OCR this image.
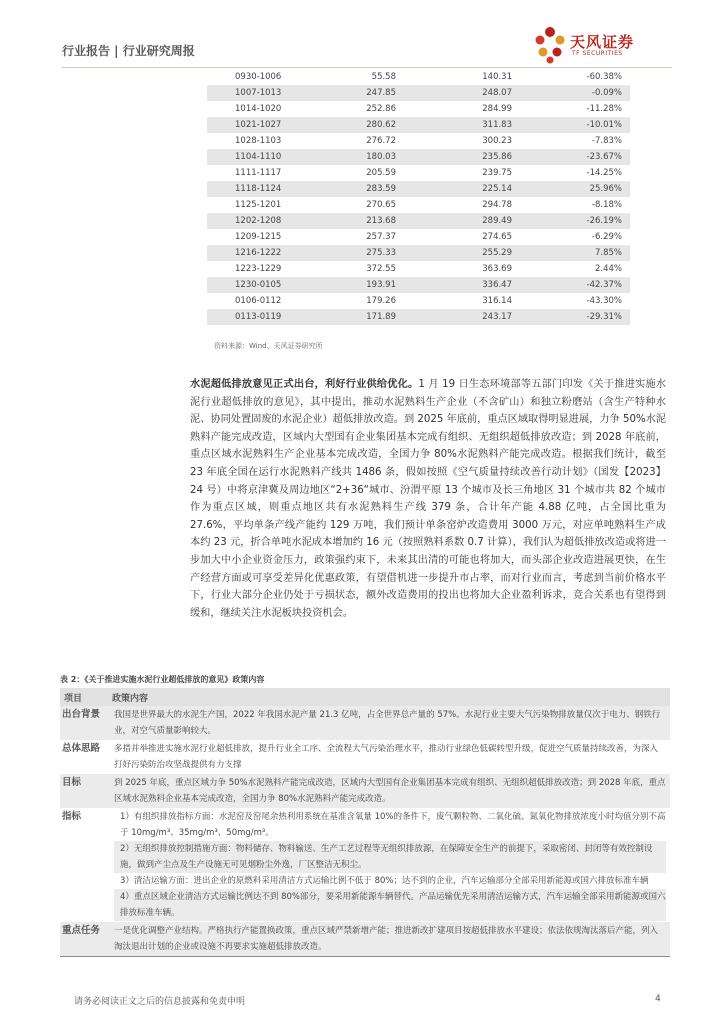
行业报告 | 行业研究周报	天风证券
TF SECURITIES
0930-1006	55.58	140.31	-60.38%
1007-1013	247.85	248.07	-0.09%
1014-1020	252.86	284.99	-11.28%
1021-1027	280.62	311.83	-10.01%
1028-1103	276.72	300.23	-7.83%
1104-1110	180.03	235.86	-23.67%
1111-1117	205.59	239.75	-14.25%
1118-1124	283.59	225.14	25.96%
1125-1201	270.65	294.78	-8.18%
1202-1208	213.68	289.49	-26.19%
1209-1215	257.37	274.65	-6.29%
1216-1222	275.33	255.29	7.85%
1223-1229	372.55	363.69	2.44%
1230-0105	193.91	336.47	-42.37%
0106-0112	179.26	316.14	-43.30%
0113-0119	171.89	243.17	-29.31%
资料来源：Wind、天风证券研究所
水泥超低排放意见正式出台，利好行业供给优化。1 月 19 日生态环境部等五部门印发《关于推进实施水泥行业超低排放的意见》，其中提出，推动水泥熟料生产企业（不含矿山）和独立粉磨站（含生产特种水泥、协同处置固废的水泥企业）超低排放改造。到 2025 年底前，重点区域取得明显进展，力争 50%水泥熟料产能完成改造，区域内大型国有企业集团基本完成有组织、无组织超低排放改造；到 2028 年底前，重点区域水泥熟料生产企业基本完成改造，全国力争 80%水泥熟料产能完成改造。根据我们统计，截至 23 年底全国在运行水泥熟料产线共 1486 条，假如按照《空气质量持续改善行动计划》（国发【2023】24 号）中将京津冀及周边地区“2+36“城市、汾渭平原 13 个城市及长三角地区 31 个城市共 82 个城市作为重点区域，则重点地区共有水泥熟料生产线 379 条，合计年产能 4.88 亿吨，占全国比重为 27.6%，平均单条产线产能约 129 万吨，我们预计单条窑炉改造费用 3000 万元，对应单吨熟料生产成本约 23 元，折合单吨水泥成本增加约 16 元（按照熟料系数 0.7 计算），我们认为超低排放改造或将进一步加大中小企业资金压力，政策强约束下，未来其出清的可能也将加大，而头部企业改造进展更快，在生产经营方面或可享受差异化优惠政策，有望借机进一步提升市占率，而对行业而言，考虑到当前价格水平下，行业大部分企业仍处于亏损状态，额外改造费用的投出也将加大企业盈利诉求，竞合关系也有望得到缓和，继续关注水泥板块投资机会。
表 2：《关于推进实施水泥行业超低排放的意见》政策内容
项目	政策内容
出台背景	我国是世界最大的水泥生产国，2022 年我国水泥产量 21.3 亿吨，占全世界总产量的 57%。水泥行业主要大气污染物排放量仅次于电力、钢铁行业，对空气质量影响较大。

总体思路	多措并举推进实施水泥行业超低排放，提升行业全工序、全流程大气污染治理水平，推动行业绿色低碳转型升级，促进空气质量持续改善，为深入打好污染防治攻坚战提供有力支撑

目标	到 2025 年底，重点区域力争 50%水泥熟料产能完成改造，区域内大型国有企业集团基本完成有组织、无组织超低排放改造；到 2028 年底，重点区域水泥熟料企业基本完成改造，全国力争 80%水泥熟料产能完成改造。

指标	1）有组织排放指标方面：水泥窑及窑尾余热利用系统在基准含氧量 10%的条件下，废气颗粒物、二氧化硫、氮氧化物排放浓度小时均值分别不高于 10mg/m³、35mg/m³、50mg/m³。
2）无组织排放控制措施方面：物料储存、物料输送、生产工艺过程等无组织排放源，在保障安全生产的前提下，采取密闭、封闭等有效控制设施，做到产尘点及生产设施无可见烟粉尘外逸，厂区整洁无积尘。
3）清洁运输方面：进出企业的原燃料采用清洁方式运输比例不低于 80%；达不到的企业，汽车运输部分全部采用新能源或国六排放标准车辆
4）重点区域企业清洁方式运输比例达不到 80%部分，要采用新能源车辆替代。产品运输优先采用清洁运输方式，汽车运输全部采用新能源或国六排放标准车辆。

重点任务	一是优化调整产业结构。严格执行产能置换政策，重点区域严禁新增产能；推进新改扩建项目按超低排放水平建设；依法依规淘汰落后产能，列入淘汰退出计划的企业或设施不再要求实施超低排放改造。
请务必阅读正文之后的信息披露和免责申明	4
